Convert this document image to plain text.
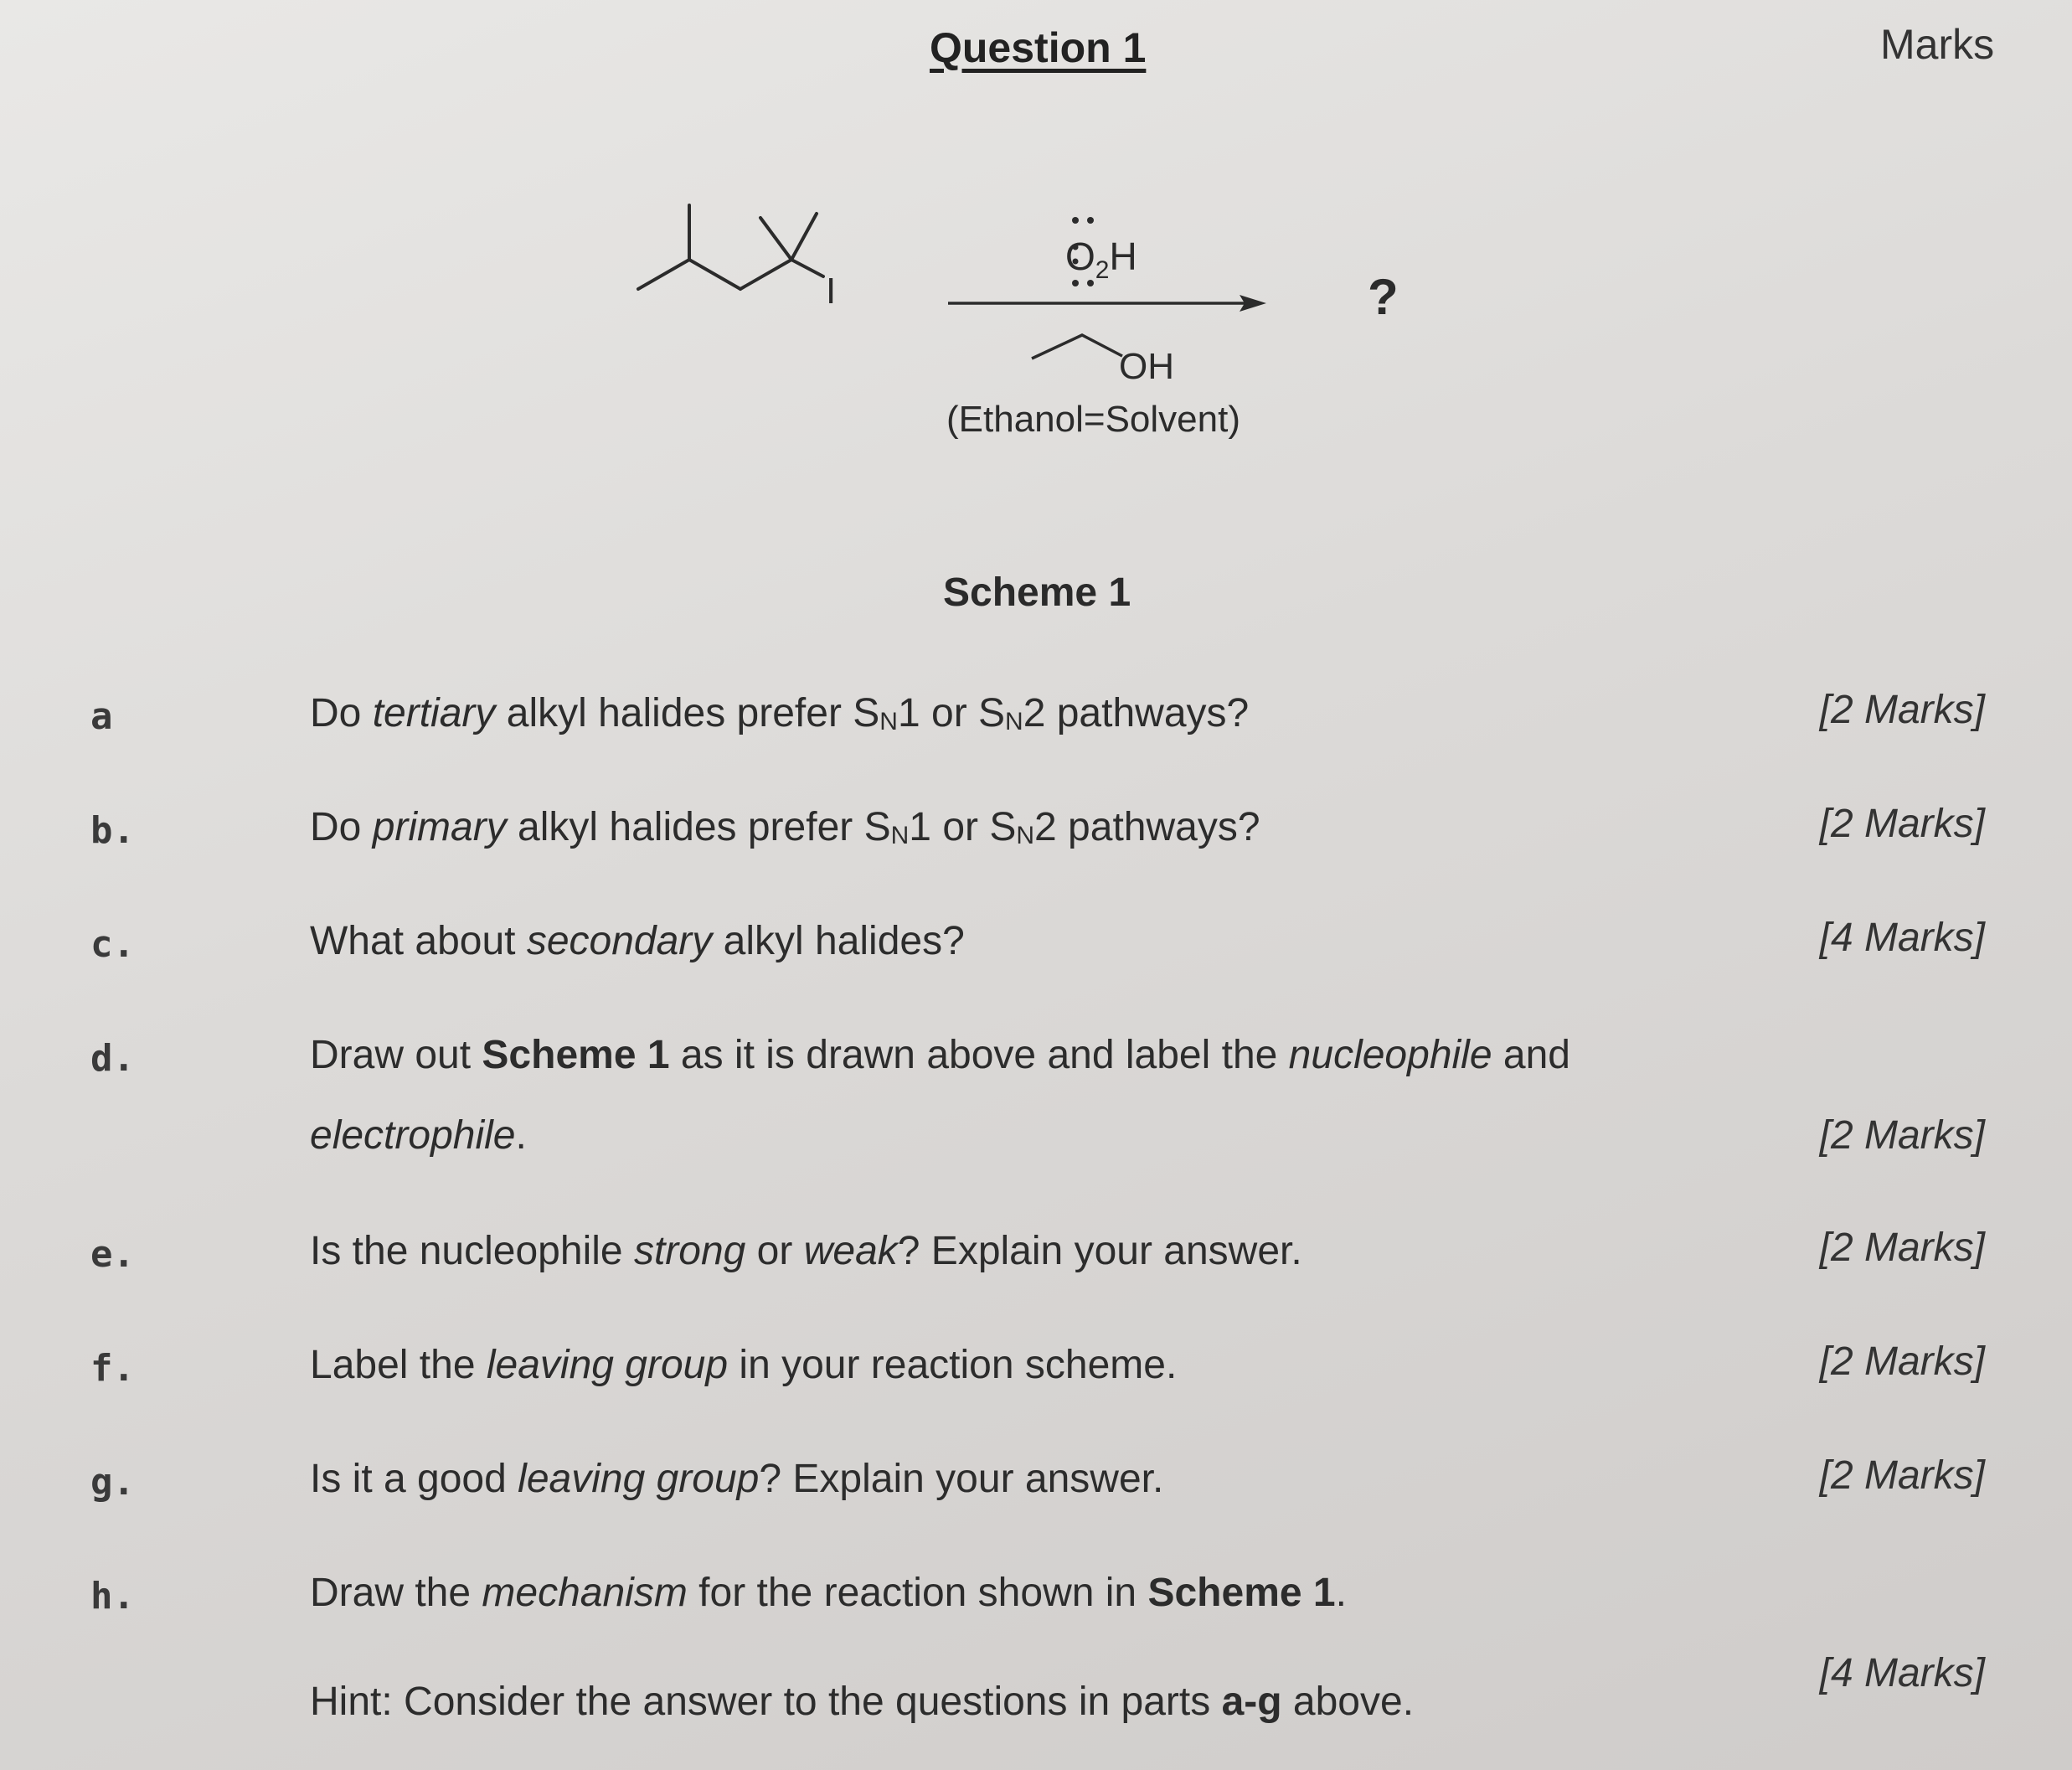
Question 1	Marks
I
$O_2H$
OH
(Ethanol=Solvent)
?
Scheme 1
a	Do tertiary alkyl halides prefer SN1 or SN2 pathways?	[2 Marks]
b.	Do primary alkyl halides prefer SN1 or SN2 pathways?	[2 Marks]
c.	What about secondary alkyl halides?	[4 Marks]
d.	Draw out Scheme 1 as it is drawn above and label the nucleophile and
electrophile.	[2 Marks]
e.	Is the nucleophile strong or weak? Explain your answer.	[2 Marks]
f.	Label the leaving group in your reaction scheme.	[2 Marks]
g.	Is it a good leaving group? Explain your answer.	[2 Marks]
h.	Draw the mechanism for the reaction shown in Scheme 1.
Hint: Consider the answer to the questions in parts a-g above.
[4 Marks]
